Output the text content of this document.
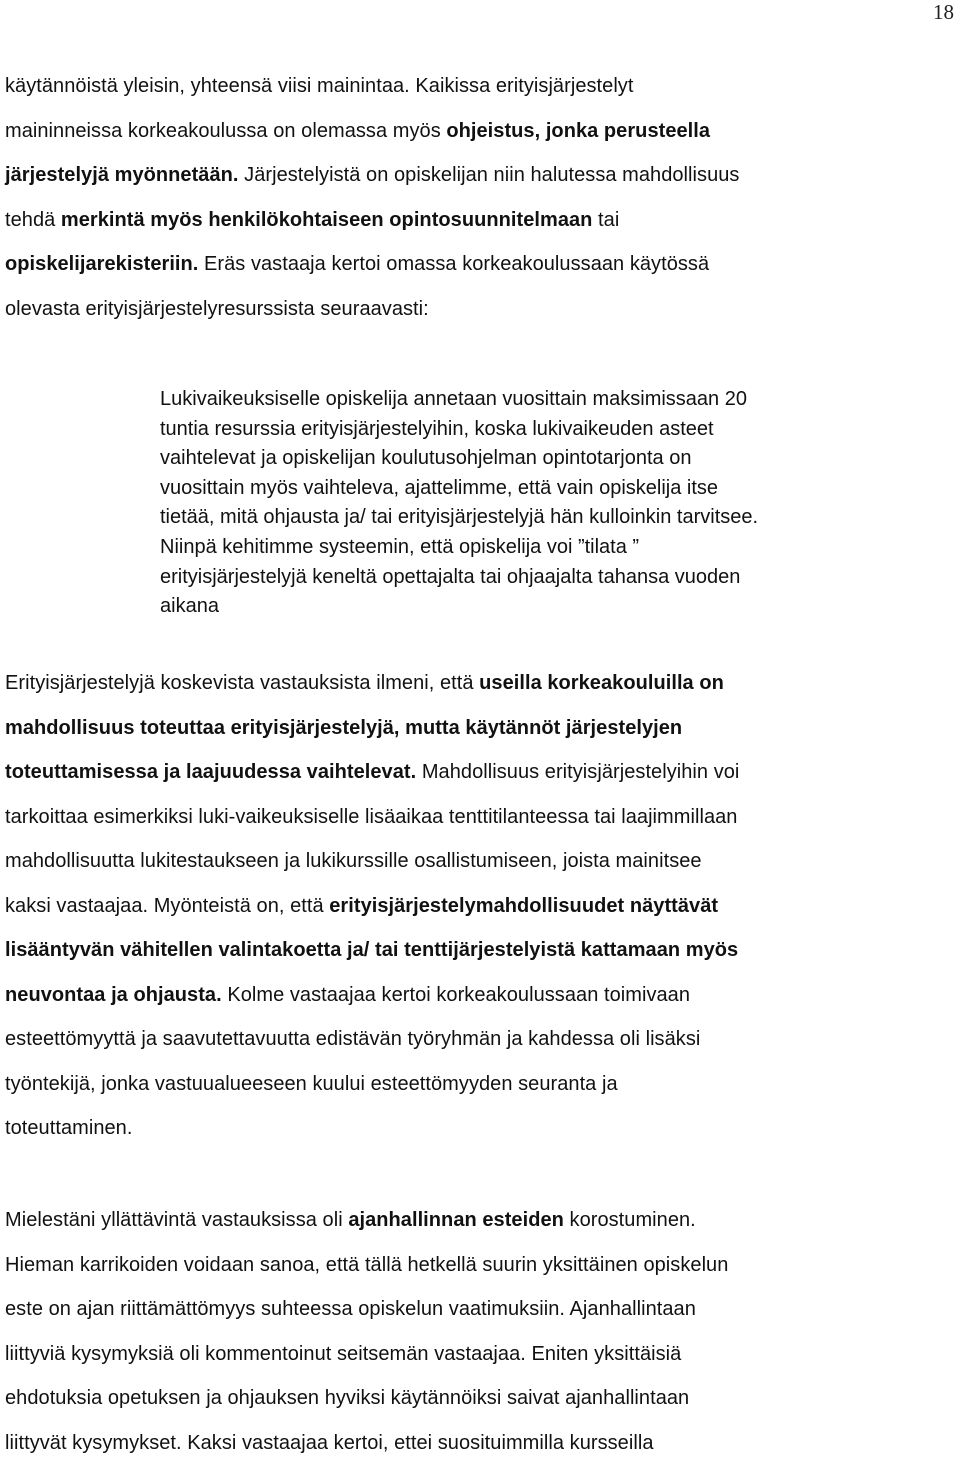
18
käytännöistä yleisin, yhteensä viisi mainintaa. Kaikissa erityisjärjestelyt
maininneissa korkeakoulussa on olemassa myös ohjeistus, jonka perusteella
järjestelyjä myönnetään. Järjestelyistä on opiskelijan niin halutessa mahdollisuus
tehdä merkintä myös henkilökohtaiseen opintosuunnitelmaan tai
opiskelijarekisteriin. Eräs vastaaja kertoi omassa korkeakoulussaan käytössä
olevasta erityisjärjestelyresurssista seuraavasti:
Lukivaikeuksiselle opiskelija annetaan vuosittain maksimissaan 20
tuntia resurssia erityisjärjestelyihin, koska lukivaikeuden asteet
vaihtelevat ja opiskelijan koulutusohjelman opintotarjonta on
vuosittain myös vaihteleva, ajattelimme, että vain opiskelija itse
tietää, mitä ohjausta ja/ tai erityisjärjestelyjä hän kulloinkin tarvitsee.
Niinpä kehitimme systeemin, että opiskelija voi ”tilata ”
erityisjärjestelyjä keneltä opettajalta tai ohjaajalta tahansa vuoden
aikana
Erityisjärjestelyjä koskevista vastauksista ilmeni, että useilla korkeakouluilla on
mahdollisuus toteuttaa erityisjärjestelyjä, mutta käytännöt järjestelyjen
toteuttamisessa ja laajuudessa vaihtelevat. Mahdollisuus erityisjärjestelyihin voi
tarkoittaa esimerkiksi luki-vaikeuksiselle lisäaikaa tenttitilanteessa tai laajimmillaan
mahdollisuutta lukitestaukseen ja lukikurssille osallistumiseen, joista mainitsee
kaksi vastaajaa. Myönteistä on, että erityisjärjestelymahdollisuudet näyttävät
lisääntyvän vähitellen valintakoetta ja/ tai tenttijärjestelyistä kattamaan myös
neuvontaa ja ohjausta. Kolme vastaajaa kertoi korkeakoulussaan toimivaan
esteettömyyttä ja saavutettavuutta edistävän työryhmän ja kahdessa oli lisäksi
työntekijä, jonka vastuualueeseen kuului esteettömyyden seuranta ja
toteuttaminen.
Mielestäni yllättävintä vastauksissa oli ajanhallinnan esteiden korostuminen.
Hieman karrikoiden voidaan sanoa, että tällä hetkellä suurin yksittäinen opiskelun
este on ajan riittämättömyys suhteessa opiskelun vaatimuksiin. Ajanhallintaan
liittyviä kysymyksiä oli kommentoinut seitsemän vastaajaa. Eniten yksittäisiä
ehdotuksia opetuksen ja ohjauksen hyviksi käytännöiksi saivat ajanhallintaan
liittyvät kysymykset. Kaksi vastaajaa kertoi, ettei suosituimmilla kursseilla
